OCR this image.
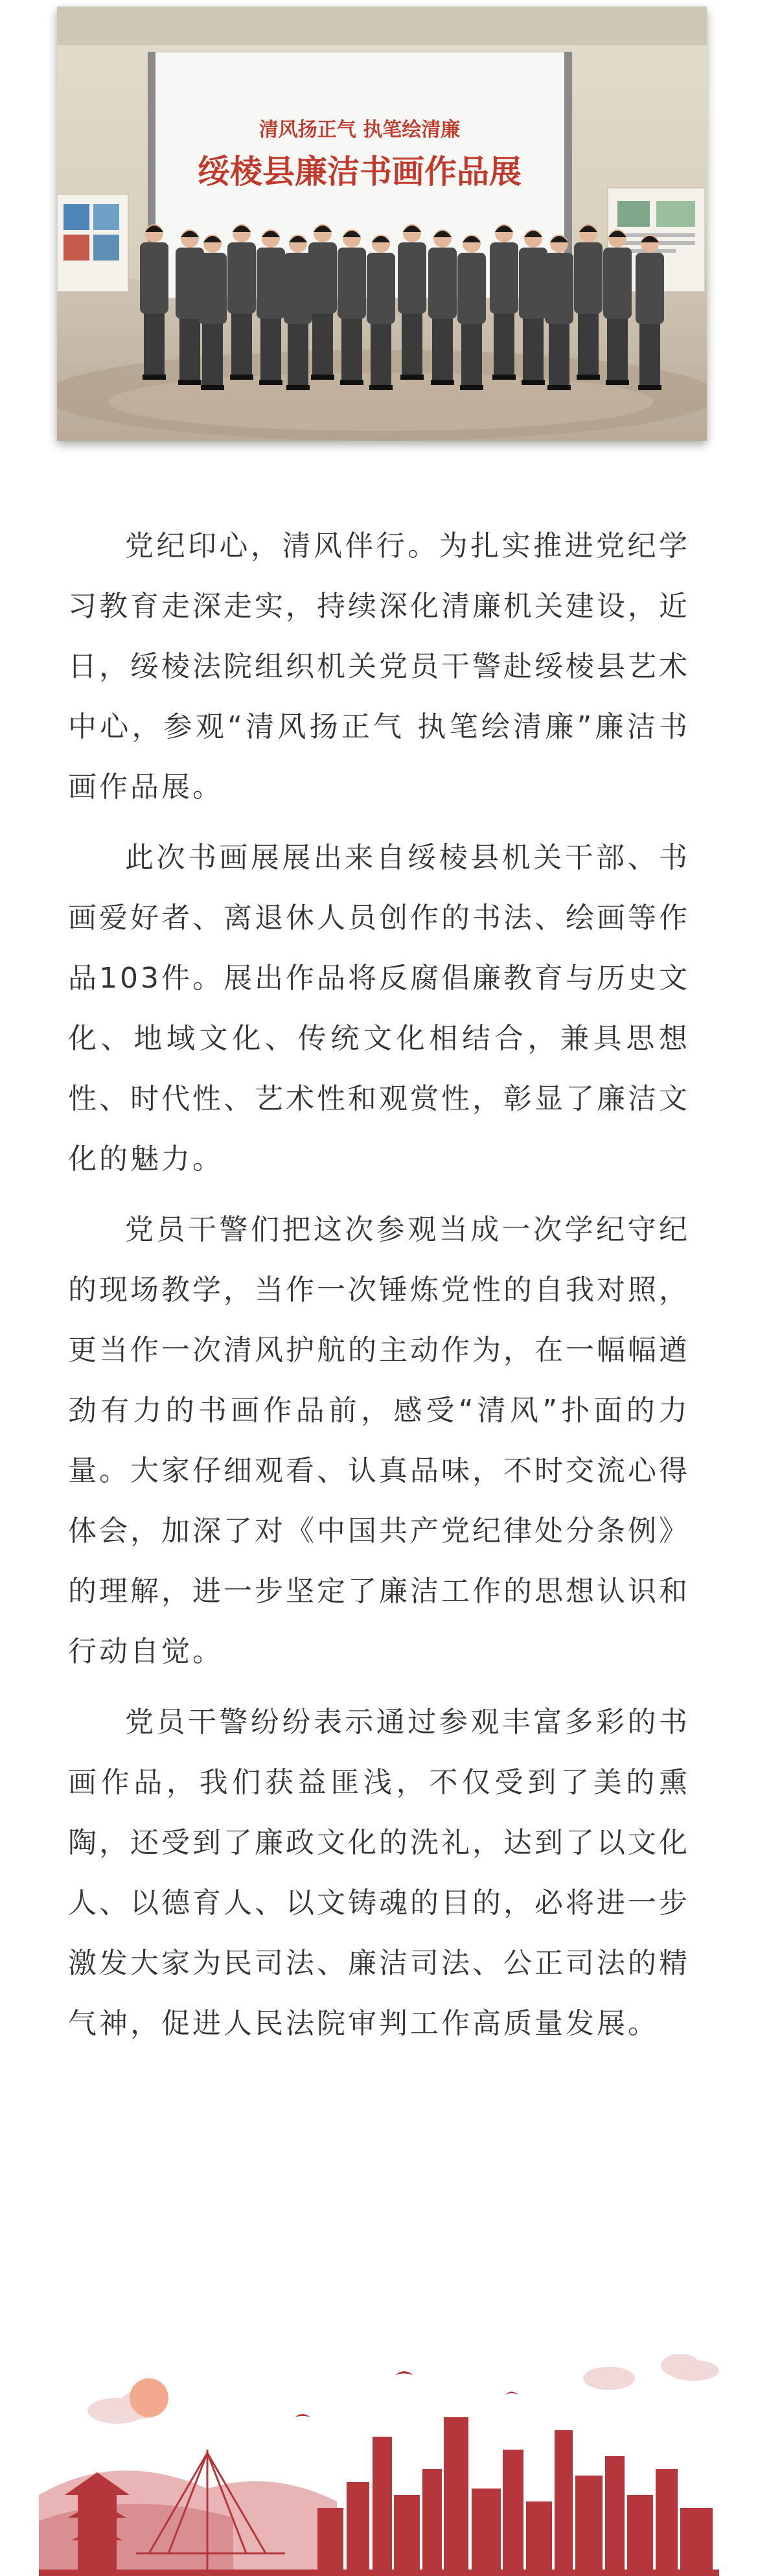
清风扬正气 执笔绘清廉
绥棱县廉洁书画作品展

党纪印心，清风伴行。为扎实推进党纪学习教育走深走实，持续深化清廉机关建设，近日，绥棱法院组织机关党员干警赴绥棱县艺术中心，参观“清风扬正气 执笔绘清廉”廉洁书画作品展。

此次书画展展出来自绥棱县机关干部、书画爱好者、离退休人员创作的书法、绘画等作品103件。展出作品将反腐倡廉教育与历史文化、地域文化、传统文化相结合，兼具思想性、时代性、艺术性和观赏性，彰显了廉洁文化的魅力。

党员干警们把这次参观当成一次学纪守纪的现场教学，当作一次锤炼党性的自我对照，更当作一次清风护航的主动作为，在一幅幅遒劲有力的书画作品前，感受“清风”扑面的力量。大家仔细观看、认真品味，不时交流心得体会，加深了对《中国共产党纪律处分条例》的理解，进一步坚定了廉洁工作的思想认识和行动自觉。

党员干警纷纷表示通过参观丰富多彩的书画作品，我们获益匪浅，不仅受到了美的熏陶，还受到了廉政文化的洗礼，达到了以文化人、以德育人、以文铸魂的目的，必将进一步激发大家为民司法、廉洁司法、公正司法的精气神，促进人民法院审判工作高质量发展。
